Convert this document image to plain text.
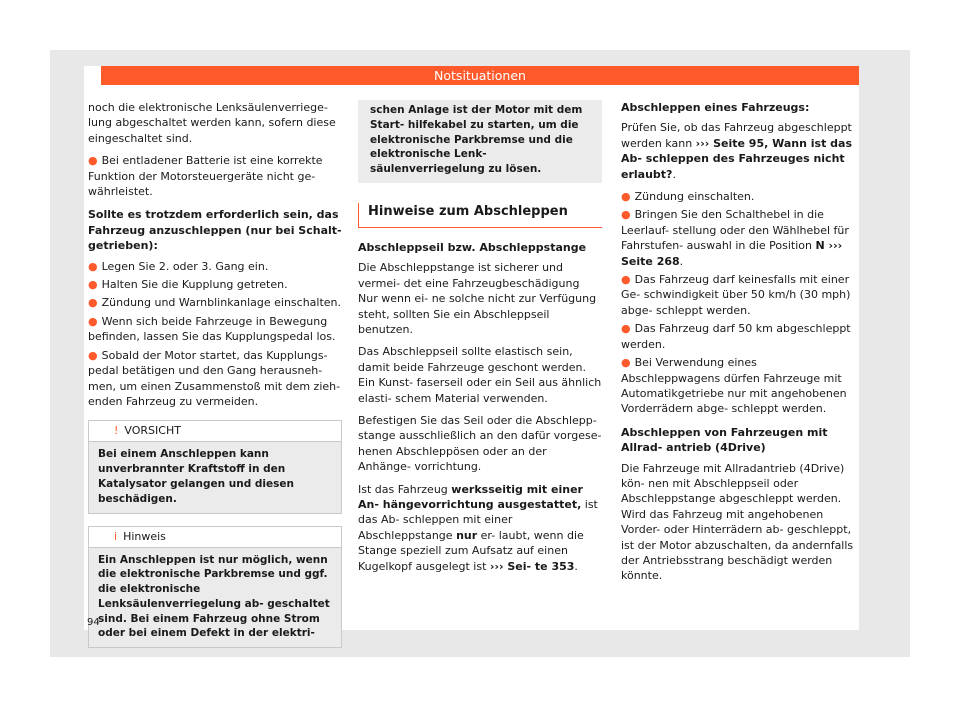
Notsituationen

noch die elektronische Lenksäulenverriege- lung abgeschaltet werden kann, sofern diese eingeschaltet sind.

● Bei entladener Batterie ist eine korrekte Funktion der Motorsteuergeräte nicht ge- währleistet.

Sollte es trotzdem erforderlich sein, das Fahrzeug anzuschleppen (nur bei Schalt- getrieben):

● Legen Sie 2. oder 3. Gang ein.

● Halten Sie die Kupplung getreten.

● Zündung und Warnblinkanlage einschalten.

● Wenn sich beide Fahrzeuge in Bewegung befinden, lassen Sie das Kupplungspedal los.

● Sobald der Motor startet, das Kupplungs- pedal betätigen und den Gang herausneh- men, um einen Zusammenstoß mit dem zieh- enden Fahrzeug zu vermeiden.

! VORSICHT
Bei einem Anschleppen kann unverbrannter Kraftstoff in den Katalysator gelangen und diesen beschädigen.
i Hinweis
Ein Anschleppen ist nur möglich, wenn die elektronische Parkbremse und ggf. die elektronische Lenksäulenverriegelung ab- geschaltet sind. Bei einem Fahrzeug ohne Strom oder bei einem Defekt in der elektri-
schen Anlage ist der Motor mit dem Start- hilfekabel zu starten, um die elektronische Parkbremse und die elektronische Lenk- säulenverriegelung zu lösen.
Hinweise zum Abschleppen

Abschleppseil bzw. Abschleppstange

Die Abschleppstange ist sicherer und vermei- det eine Fahrzeugbeschädigung Nur wenn ei- ne solche nicht zur Verfügung steht, sollten Sie ein Abschleppseil benutzen.

Das Abschleppseil sollte elastisch sein, damit beide Fahrzeuge geschont werden. Ein Kunst- faserseil oder ein Seil aus ähnlich elasti- schem Material verwenden.

Befestigen Sie das Seil oder die Abschlepp- stange ausschließlich an den dafür vorgese- henen Abschleppösen oder an der Anhänge- vorrichtung.

Ist das Fahrzeug werksseitig mit einer An- hängevorrichtung ausgestattet, ist das Ab- schleppen mit einer Abschleppstange nur er- laubt, wenn die Stange speziell zum Aufsatz auf einen Kugelkopf ausgelegt ist ››› Sei- te 353.

Abschleppen eines Fahrzeugs:

Prüfen Sie, ob das Fahrzeug abgeschleppt werden kann ››› Seite 95, Wann ist das Ab- schleppen des Fahrzeuges nicht erlaubt?.

● Zündung einschalten.

● Bringen Sie den Schalthebel in die Leerlauf- stellung oder den Wählhebel für Fahrstufen- auswahl in die Position N ››› Seite 268.

● Das Fahrzeug darf keinesfalls mit einer Ge- schwindigkeit über 50 km/h (30 mph) abge- schleppt werden.

● Das Fahrzeug darf 50 km abgeschleppt werden.

● Bei Verwendung eines Abschleppwagens dürfen Fahrzeuge mit Automatikgetriebe nur mit angehobenen Vorderrädern abge- schleppt werden.

Abschleppen von Fahrzeugen mit Allrad- antrieb (4Drive)

Die Fahrzeuge mit Allradantrieb (4Drive) kön- nen mit Abschleppseil oder Abschleppstange abgeschleppt werden. Wird das Fahrzeug mit angehobenen Vorder- oder Hinterrädern ab- geschleppt, ist der Motor abzuschalten, da andernfalls der Antriebsstrang beschädigt werden könnte.

94
